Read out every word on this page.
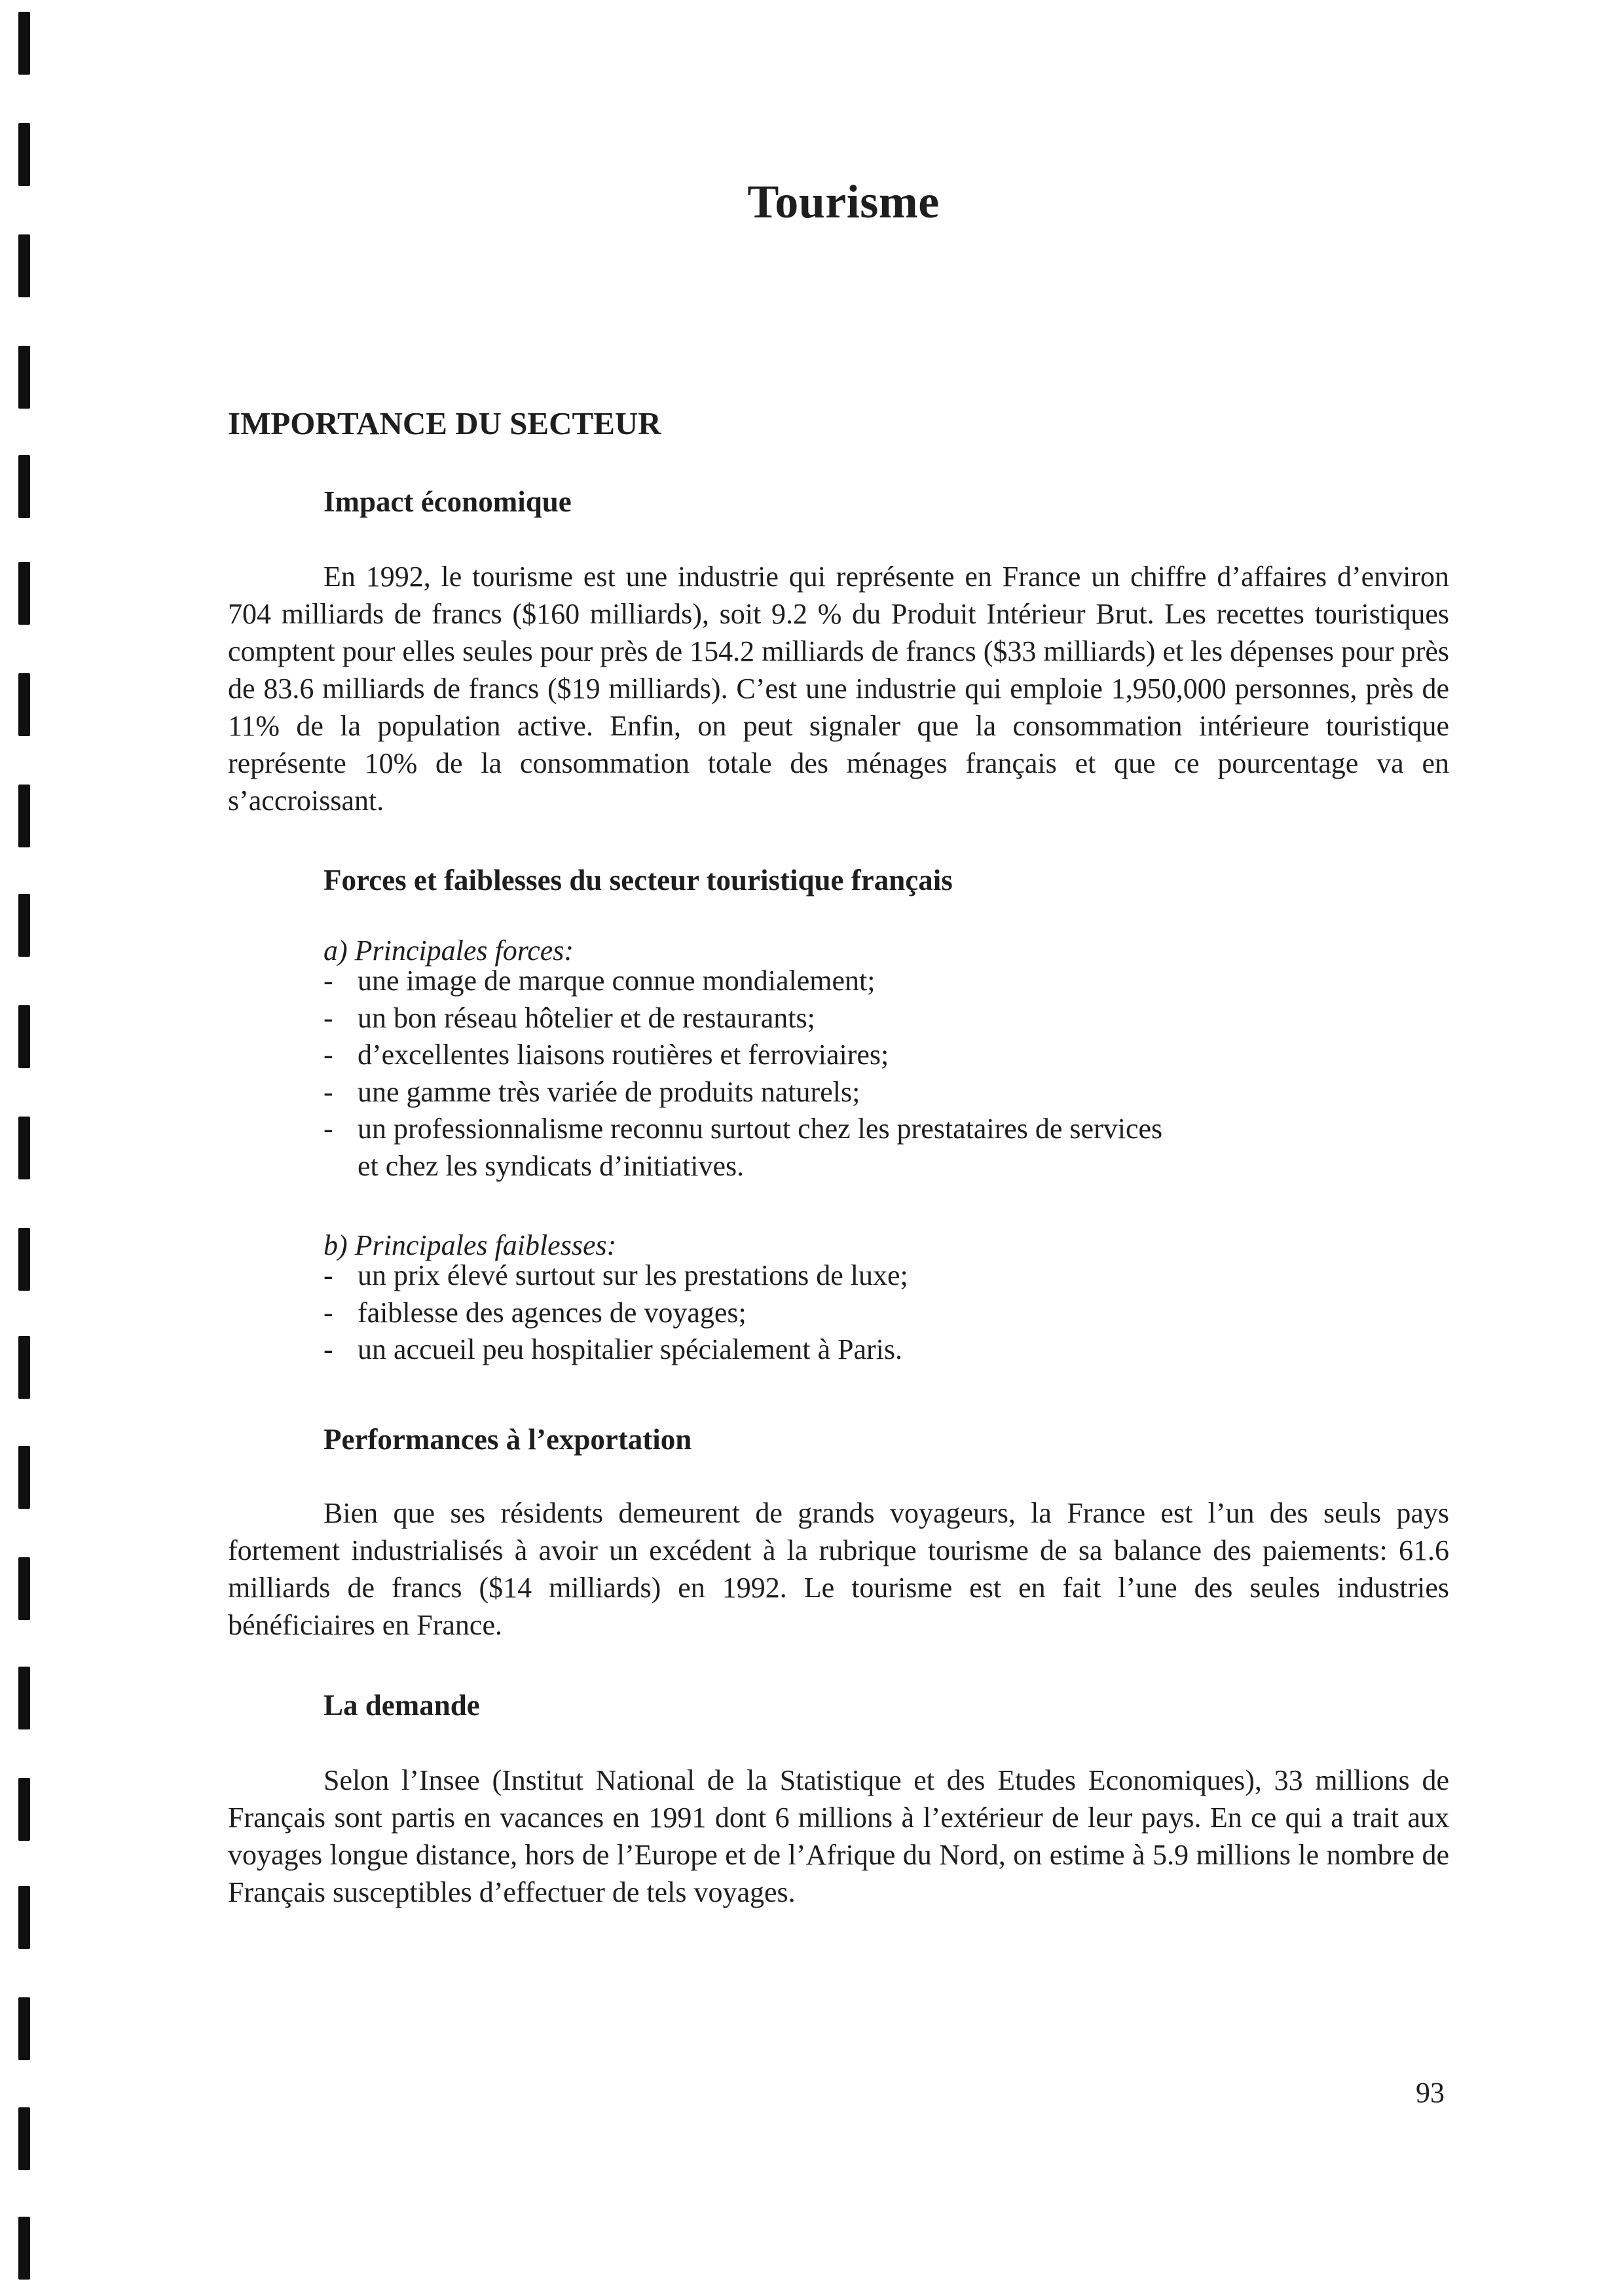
Tourisme
IMPORTANCE DU SECTEUR
Impact économique

En 1992, le tourisme est une industrie qui représente en France un chiffre d’affaires d’environ 704 milliards de francs ($160 milliards), soit 9.2 % du Produit Intérieur Brut. Les recettes touristiques comptent pour elles seules pour près de 154.2 milliards de francs ($33 milliards) et les dépenses pour près de 83.6 milliards de francs ($19 milliards). C’est une industrie qui emploie 1,950,000 personnes, près de 11% de la population active. Enfin, on peut signaler que la consommation intérieure touristique représente 10% de la consommation totale des ménages français et que ce pourcentage va en s’accroissant.

Forces et faiblesses du secteur touristique français

a) Principales forces:

- une image de marque connue mondialement;
- un bon réseau hôtelier et de restaurants;
- d’excellentes liaisons routières et ferroviaires;
- une gamme très variée de produits naturels;
- un professionnalisme reconnu surtout chez les prestataires de services et chez les syndicats d’initiatives.

b) Principales faiblesses:

- un prix élevé surtout sur les prestations de luxe;
- faiblesse des agences de voyages;
- un accueil peu hospitalier spécialement à Paris.
Performances à l’exportation

Bien que ses résidents demeurent de grands voyageurs, la France est l’un des seuls pays fortement industrialisés à avoir un excédent à la rubrique tourisme de sa balance des paiements: 61.6 milliards de francs ($14 milliards) en 1992. Le tourisme est en fait l’une des seules industries bénéficiaires en France.

La demande

Selon l’Insee (Institut National de la Statistique et des Etudes Economiques), 33 millions de Français sont partis en vacances en 1991 dont 6 millions à l’extérieur de leur pays. En ce qui a trait aux voyages longue distance, hors de l’Europe et de l’Afrique du Nord, on estime à 5.9 millions le nombre de Français susceptibles d’effectuer de tels voyages.

93
